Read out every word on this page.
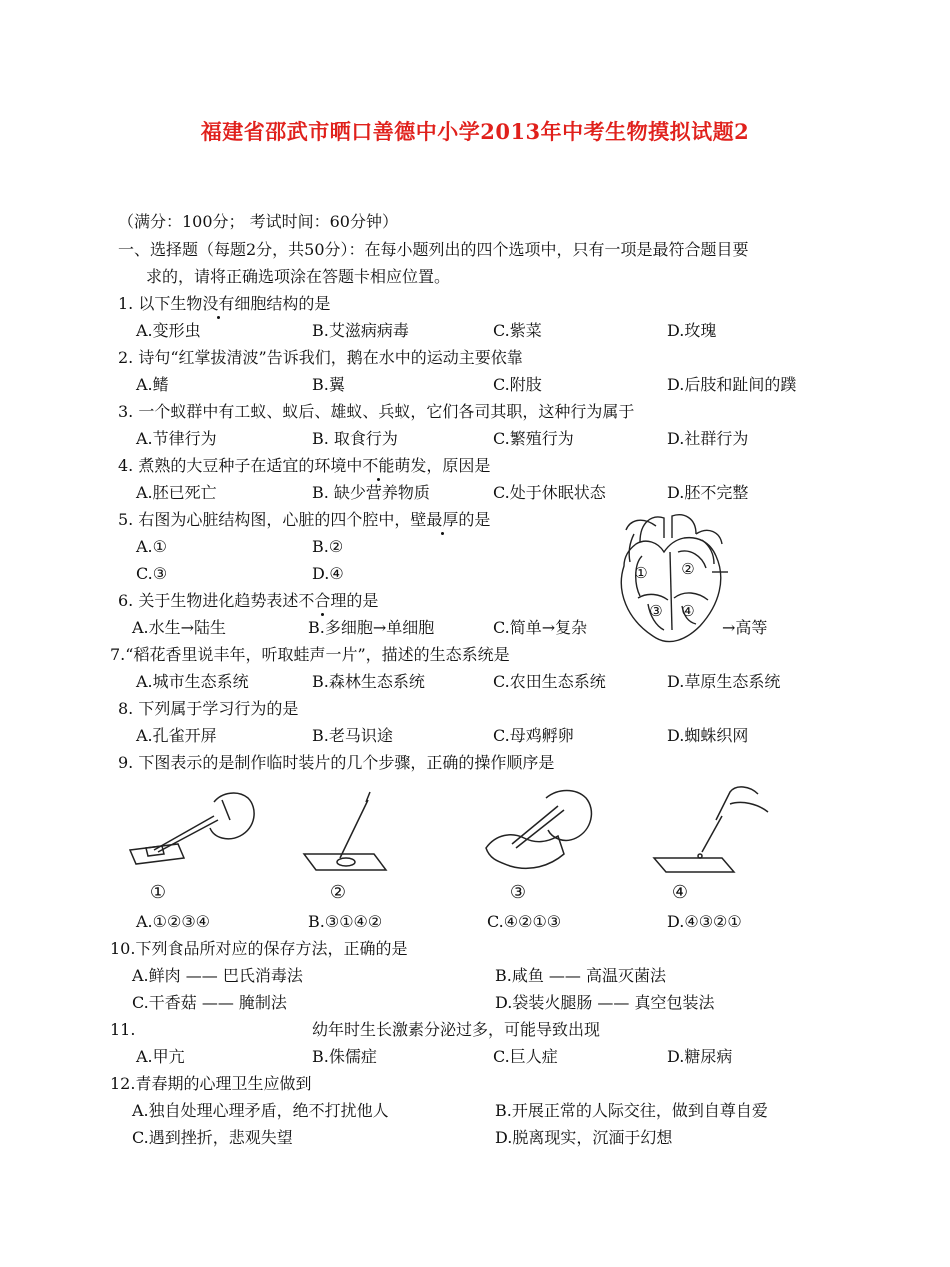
福建省邵武市晒口善德中小学2013年中考生物摸拟试题2
（满分：100分； 考试时间：60分钟）
一、选择题（每题2分，共50分）：在每小题列出的四个选项中，只有一项是最符合题目要
求的，请将正确选项涂在答题卡相应位置。
1. 以下生物没有细胞结构的是
A.变形虫	B.艾滋病病毒	C.紫菜	D.玫瑰
2. 诗句“红掌拔清波”告诉我们，鹅在水中的运动主要依靠
A.鳍	B.翼	C.附肢	D.后肢和趾间的蹼
3. 一个蚁群中有工蚁、蚁后、雄蚁、兵蚁，它们各司其职，这种行为属于
A.节律行为	B. 取食行为	C.繁殖行为	D.社群行为
4. 煮熟的大豆种子在适宜的环境中不能萌发，原因是
A.胚已死亡	B. 缺少营养物质	C.处于休眠状态	D.胚不完整
5. 右图为心脏结构图，心脏的四个腔中，壁最厚的是
A.①	B.②
C.③	D.④	① ②
③ ④
6. 关于生物进化趋势表述不合理的是
A.水生→陆生	B.多细胞→单细胞	C.简单→复杂	→高等
7.“稻花香里说丰年，听取蛙声一片”，描述的生态系统是
A.城市生态系统	B.森林生态系统	C.农田生态系统	D.草原生态系统
8. 下列属于学习行为的是
A.孔雀开屏	B.老马识途	C.母鸡孵卵	D.蜘蛛织网
9. 下图表示的是制作临时装片的几个步骤，正确的操作顺序是
①	②	③	④
A.①②③④	B.③①④②	C.④②①③	D.④③②①
10.下列食品所对应的保存方法，正确的是
A.鲜肉 —— 巴氏消毒法	B.咸鱼 —— 高温灭菌法
C.干香菇 —— 腌制法	D.袋装火腿肠 —— 真空包装法
11.	幼年时生长激素分泌过多，可能导致出现
A.甲亢	B.侏儒症	C.巨人症	D.糖尿病
12.青春期的心理卫生应做到
A.独自处理心理矛盾，绝不打扰他人	B.开展正常的人际交往，做到自尊自爱
C.遇到挫折，悲观失望	D.脱离现实，沉湎于幻想
